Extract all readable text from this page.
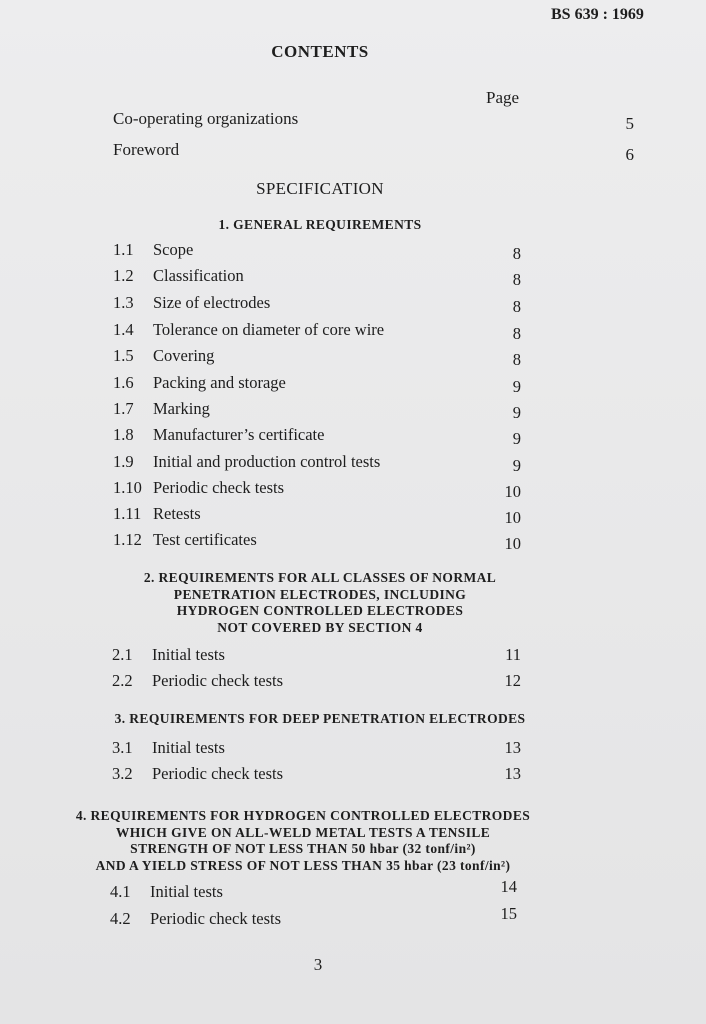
BS 639 : 1969
CONTENTS
Page
Co-operating organizations	5
Foreword	6
SPECIFICATION
1. GENERAL REQUIREMENTS
1.1 Scope	8
1.2 Classification	8
1.3 Size of electrodes	8
1.4 Tolerance on diameter of core wire	8
1.5 Covering	8
1.6 Packing and storage	9
1.7 Marking	9
1.8 Manufacturer’s certificate	9
1.9 Initial and production control tests	9
1.10 Periodic check tests	10
1.11 Retests	10
1.12 Test certificates	10
2. REQUIREMENTS FOR ALL CLASSES OF NORMAL
PENETRATION ELECTRODES, INCLUDING
HYDROGEN CONTROLLED ELECTRODES
NOT COVERED BY SECTION 4
2.1 Initial tests	11
2.2 Periodic check tests	12
3. REQUIREMENTS FOR DEEP PENETRATION ELECTRODES
3.1 Initial tests	13
3.2 Periodic check tests	13
4. REQUIREMENTS FOR HYDROGEN CONTROLLED ELECTRODES
WHICH GIVE ON ALL-WELD METAL TESTS A TENSILE
STRENGTH OF NOT LESS THAN 50 hbar (32 tonf/in²)
AND A YIELD STRESS OF NOT LESS THAN 35 hbar (23 tonf/in²)
4.1 Initial tests	14
4.2 Periodic check tests	15
3
